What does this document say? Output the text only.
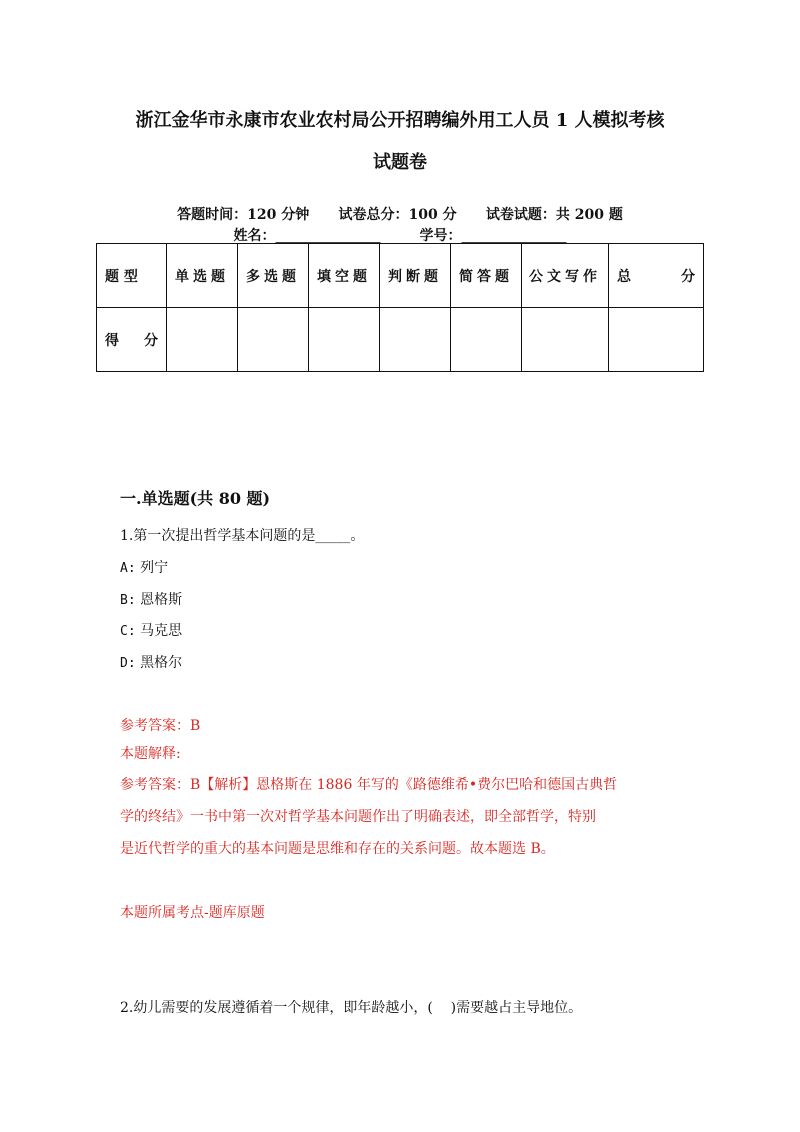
浙江金华市永康市农业农村局公开招聘编外用工人员 1 人模拟考核
试题卷
答题时间：120 分钟      试卷总分：100 分      试卷试题：共 200 题
姓名：_______________        学号：_______________
题 型	单选题	多选题	填空题	判断题	简答题	公文写作	总 分

得 分							

一.单选题(共 80 题)
1.第一次提出哲学基本问题的是_____。
A: 列宁
B: 恩格斯
C: 马克思
D: 黑格尔
参考答案：B
本题解释:
参考答案：B【解析】恩格斯在 1886 年写的《路德维希•费尔巴哈和德国古典哲
学的终结》一书中第一次对哲学基本问题作出了明确表述，即全部哲学，特别
是近代哲学的重大的基本问题是思维和存在的关系问题。故本题选 B。
本题所属考点-题库原题
2.幼儿需要的发展遵循着一个规律，即年龄越小，(    )需要越占主导地位。
